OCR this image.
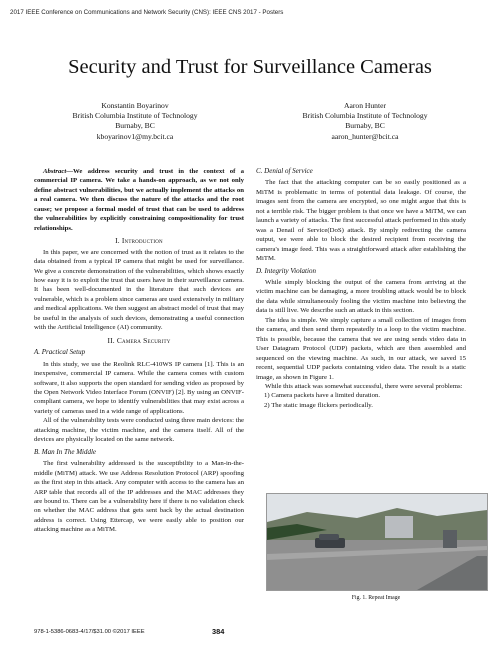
2017 IEEE Conference on Communications and Network Security (CNS): IEEE CNS 2017 - Posters
Security and Trust for Surveillance Cameras
Konstantin Boyarinov
British Columbia Institute of Technology
Burnaby, BC
kboyarinov1@my.bcit.ca
Aaron Hunter
British Columbia Institute of Technology
Burnaby, BC
aaron_hunter@bcit.ca

Abstract—We address security and trust in the context of a commercial IP camera. We take a hands-on approach, as we not only define abstract vulnerabilities, but we actually implement the attacks on a real camera. We then discuss the nature of the attacks and the root cause; we propose a formal model of trust that can be used to address the vulnerabilities by explicitly constraining compositionality for trust relationships.

I. Introduction

In this paper, we are concerned with the notion of trust as it relates to the data obtained from a typical IP camera that might be used for surveillance. We give a concrete demonstration of the vulnerabilities, which shows exactly how easy it is to exploit the trust that users have in their surveillance camera. It has been well-documented in the literature that such devices are vulnerable, which is a problem since cameras are used extensively in military and medical applications. We then suggest an abstract model of trust that may be useful in the analysis of such devices, demonstrating a useful connection with the Artificial Intelligence (AI) community.

II. Camera Security
A. Practical Setup

In this study, we use the Reolink RLC-410WS IP camera [1]. This is an inexpensive, commercial IP camera. While the camera comes with custom software, it also supports the open standard for sending video as proposed by the Open Network Video Interface Forum (ONVIF) [2]. By using an ONVIF-compliant camera, we hope to identify vulnerabilities that may exist across a variety of cameras used in a wide range of applications.

All of the vulnerability tests were conducted using three main devices: the attacking machine, the victim machine, and the camera itself. All of the devices are physically located on the same network.

B. Man In The Middle

The first vulnerability addressed is the susceptibility to a Man-in-the-middle (MiTM) attack. We use Address Resolution Protocol (ARP) spoofing as the first step in this attack. Any computer with access to the camera has an ARP table that records all of the IP addresses and the MAC addresses they are bound to. There can be a vulnerability here if there is no validation check on whether the MAC address that gets sent back by the actual destination address is correct. Using Ettercap, we were easily able to position our attacking machine as a MiTM.

C. Denial of Service

The fact that the attacking computer can be so easily positioned as a MiTM is problematic in terms of potential data leakage. Of course, the images sent from the camera are encrypted, so one might argue that this is not a terrible risk. The bigger problem is that once we have a MiTM, we can launch a variety of attacks. The first successful attack performed in this study was a Denail of Service(DoS) attack. By simply redirecting the camera output, we were able to block the desired recipient from receiving the camera's image feed. This was a straightforward attack after establishing the MiTM.

D. Integrity Violation

While simply blocking the output of the camera from arriving at the victim machine can be damaging, a more troubling attack would be to block the data while simultaneously fooling the victim machine into believing the data is still live. We describe such an attack in this section.

The idea is simple. We simply capture a small collection of images from the camera, and then send them repeatedly in a loop to the victim machine. This is possible, because the camera that we are using sends video data in User Datagram Protocol (UDP) packets, which are then assembled and sequenced on the viewing machine. As such, in our attack, we saved 15 recent, sequential UDP packets containing video data. The result is a static image, as shown in Figure 1.

While this attack was somewhat successful, there were several problems:

1) Camera packets have a limited duration.
2) The static image flickers periodically.
Fig. 1. Repeat Image
978-1-5386-0683-4/17/$31.00 ©2017 IEEE	384
